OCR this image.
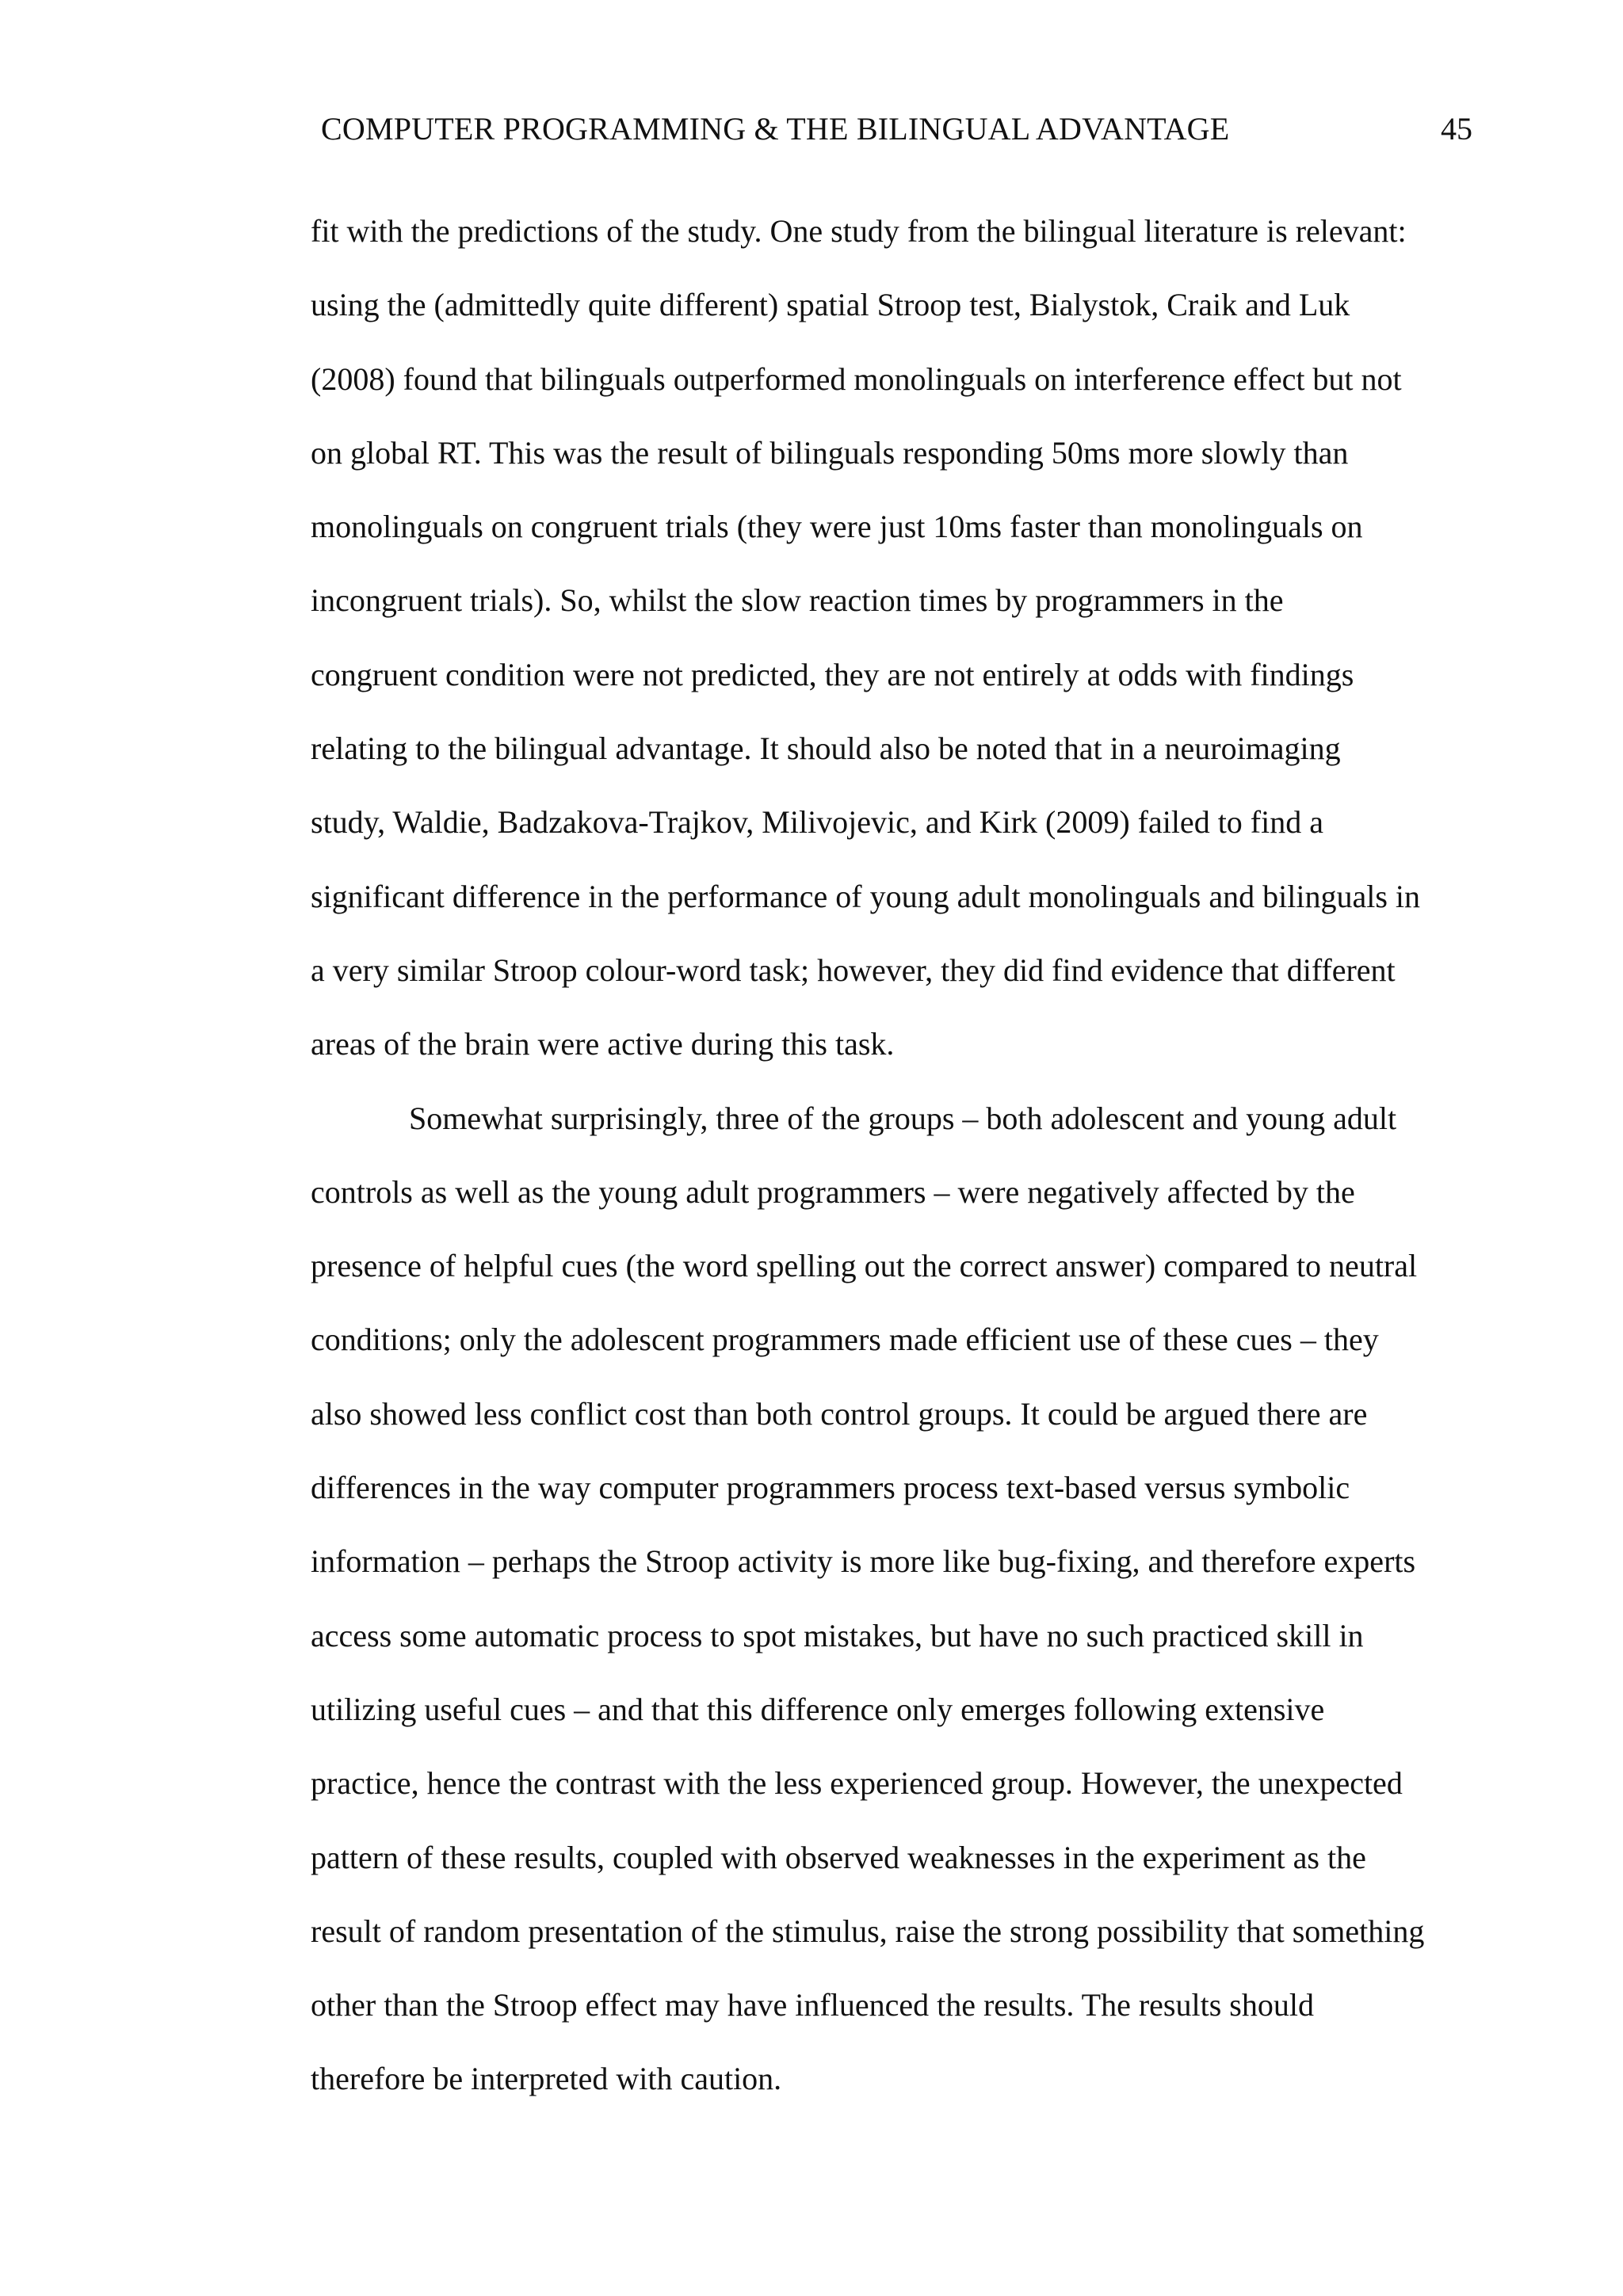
COMPUTER PROGRAMMING & THE BILINGUAL ADVANTAGE	45
fit with the predictions of the study. One study from the bilingual literature is relevant:
using the (admittedly quite different) spatial Stroop test, Bialystok, Craik and Luk
(2008) found that bilinguals outperformed monolinguals on interference effect but not
on global RT. This was the result of bilinguals responding 50ms more slowly than
monolinguals on congruent trials (they were just 10ms faster than monolinguals on
incongruent trials). So, whilst the slow reaction times by programmers in the
congruent condition were not predicted, they are not entirely at odds with findings
relating to the bilingual advantage. It should also be noted that in a neuroimaging
study, Waldie, Badzakova-Trajkov, Milivojevic, and Kirk (2009) failed to find a
significant difference in the performance of young adult monolinguals and bilinguals in
a very similar Stroop colour-word task; however, they did find evidence that different
areas of the brain were active during this task.
Somewhat surprisingly, three of the groups – both adolescent and young adult
controls as well as the young adult programmers – were negatively affected by the
presence of helpful cues (the word spelling out the correct answer) compared to neutral
conditions; only the adolescent programmers made efficient use of these cues – they
also showed less conflict cost than both control groups. It could be argued there are
differences in the way computer programmers process text-based versus symbolic
information – perhaps the Stroop activity is more like bug-fixing, and therefore experts
access some automatic process to spot mistakes, but have no such practiced skill in
utilizing useful cues – and that this difference only emerges following extensive
practice, hence the contrast with the less experienced group. However, the unexpected
pattern of these results, coupled with observed weaknesses in the experiment as the
result of random presentation of the stimulus, raise the strong possibility that something
other than the Stroop effect may have influenced the results. The results should
therefore be interpreted with caution.
